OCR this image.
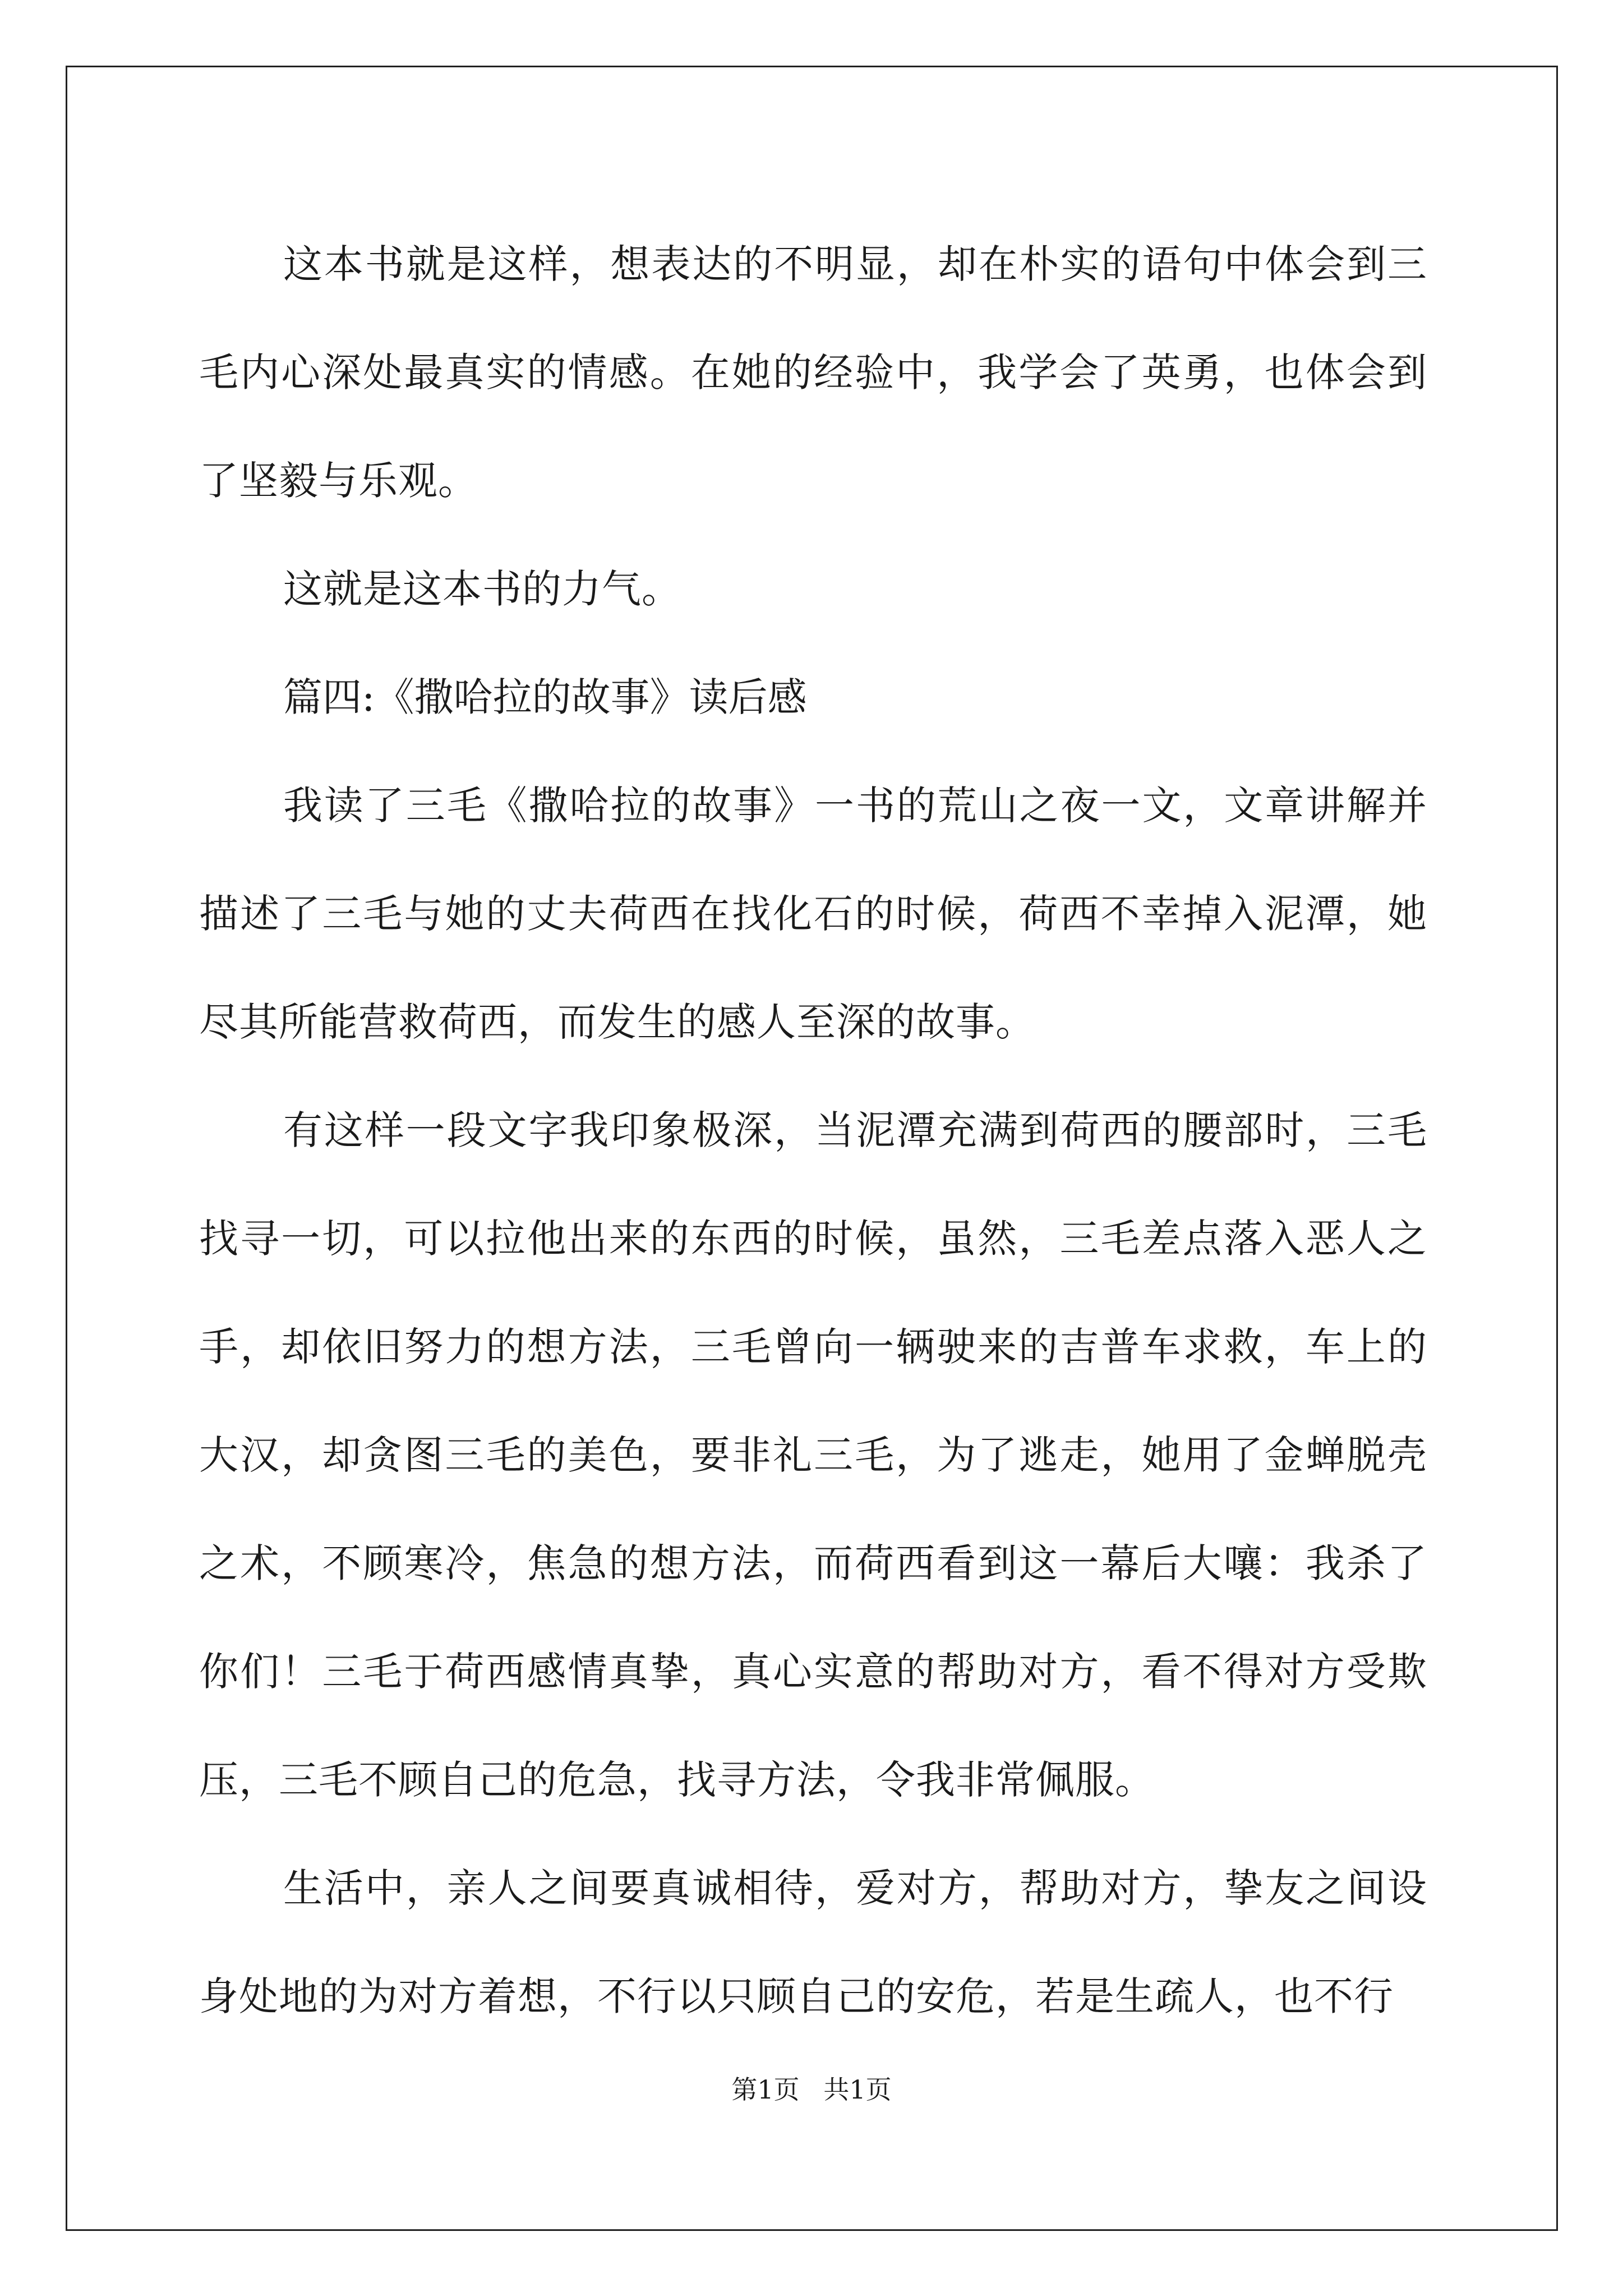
这本书就是这样，想表达的不明显，却在朴实的语句中体会到三毛内心深处最真实的情感。在她的经验中，我学会了英勇，也体会到了坚毅与乐观。

这就是这本书的力气。

篇四:《撒哈拉的故事》读后感

我读了三毛《撒哈拉的故事》一书的荒山之夜一文，文章讲解并描述了三毛与她的丈夫荷西在找化石的时候，荷西不幸掉入泥潭，她尽其所能营救荷西，而发生的感人至深的故事。

有这样一段文字我印象极深，当泥潭充满到荷西的腰部时，三毛找寻一切，可以拉他出来的东西的时候，虽然，三毛差点落入恶人之手，却依旧努力的想方法，三毛曾向一辆驶来的吉普车求救，车上的大汉，却贪图三毛的美色，要非礼三毛，为了逃走，她用了金蝉脱壳之术，不顾寒冷，焦急的想方法，而荷西看到这一幕后大嚷：我杀了你们！三毛于荷西感情真挚，真心实意的帮助对方，看不得对方受欺压，三毛不顾自己的危急，找寻方法，令我非常佩服。

生活中，亲人之间要真诚相待，爱对方，帮助对方，挚友之间设身处地的为对方着想，不行以只顾自己的安危，若是生疏人，也不行

第1页 共1页
